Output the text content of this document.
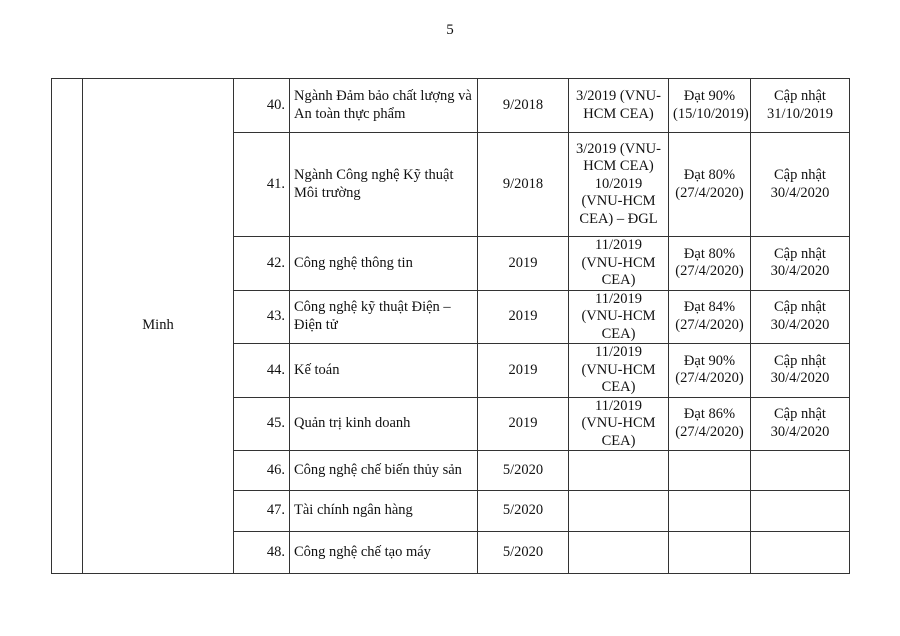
5
	Minh	40.	Ngành Đảm bảo chất lượng và An toàn thực phẩm	9/2018	3/2019 (VNU-HCM CEA)	Đạt 90% (15/10/2019)	Cập nhật 31/10/2019
		41.	Ngành Công nghệ Kỹ thuật Môi trường	9/2018	3/2019 (VNU-HCM CEA) 10/2019 (VNU-HCM CEA) – ĐGL	Đạt 80% (27/4/2020)	Cập nhật 30/4/2020
		42.	Công nghệ thông tin	2019	11/2019 (VNU-HCM CEA)	Đạt 80% (27/4/2020)	Cập nhật 30/4/2020
		43.	Công nghệ kỹ thuật Điện – Điện tử	2019	11/2019 (VNU-HCM CEA)	Đạt 84% (27/4/2020)	Cập nhật 30/4/2020
		44.	Kế toán	2019	11/2019 (VNU-HCM CEA)	Đạt 90% (27/4/2020)	Cập nhật 30/4/2020
		45.	Quản trị kinh doanh	2019	11/2019 (VNU-HCM CEA)	Đạt 86% (27/4/2020)	Cập nhật 30/4/2020
		46.	Công nghệ chế biến thủy sản	5/2020			
		47.	Tài chính ngân hàng	5/2020			
		48.	Công nghệ chế tạo máy	5/2020			
